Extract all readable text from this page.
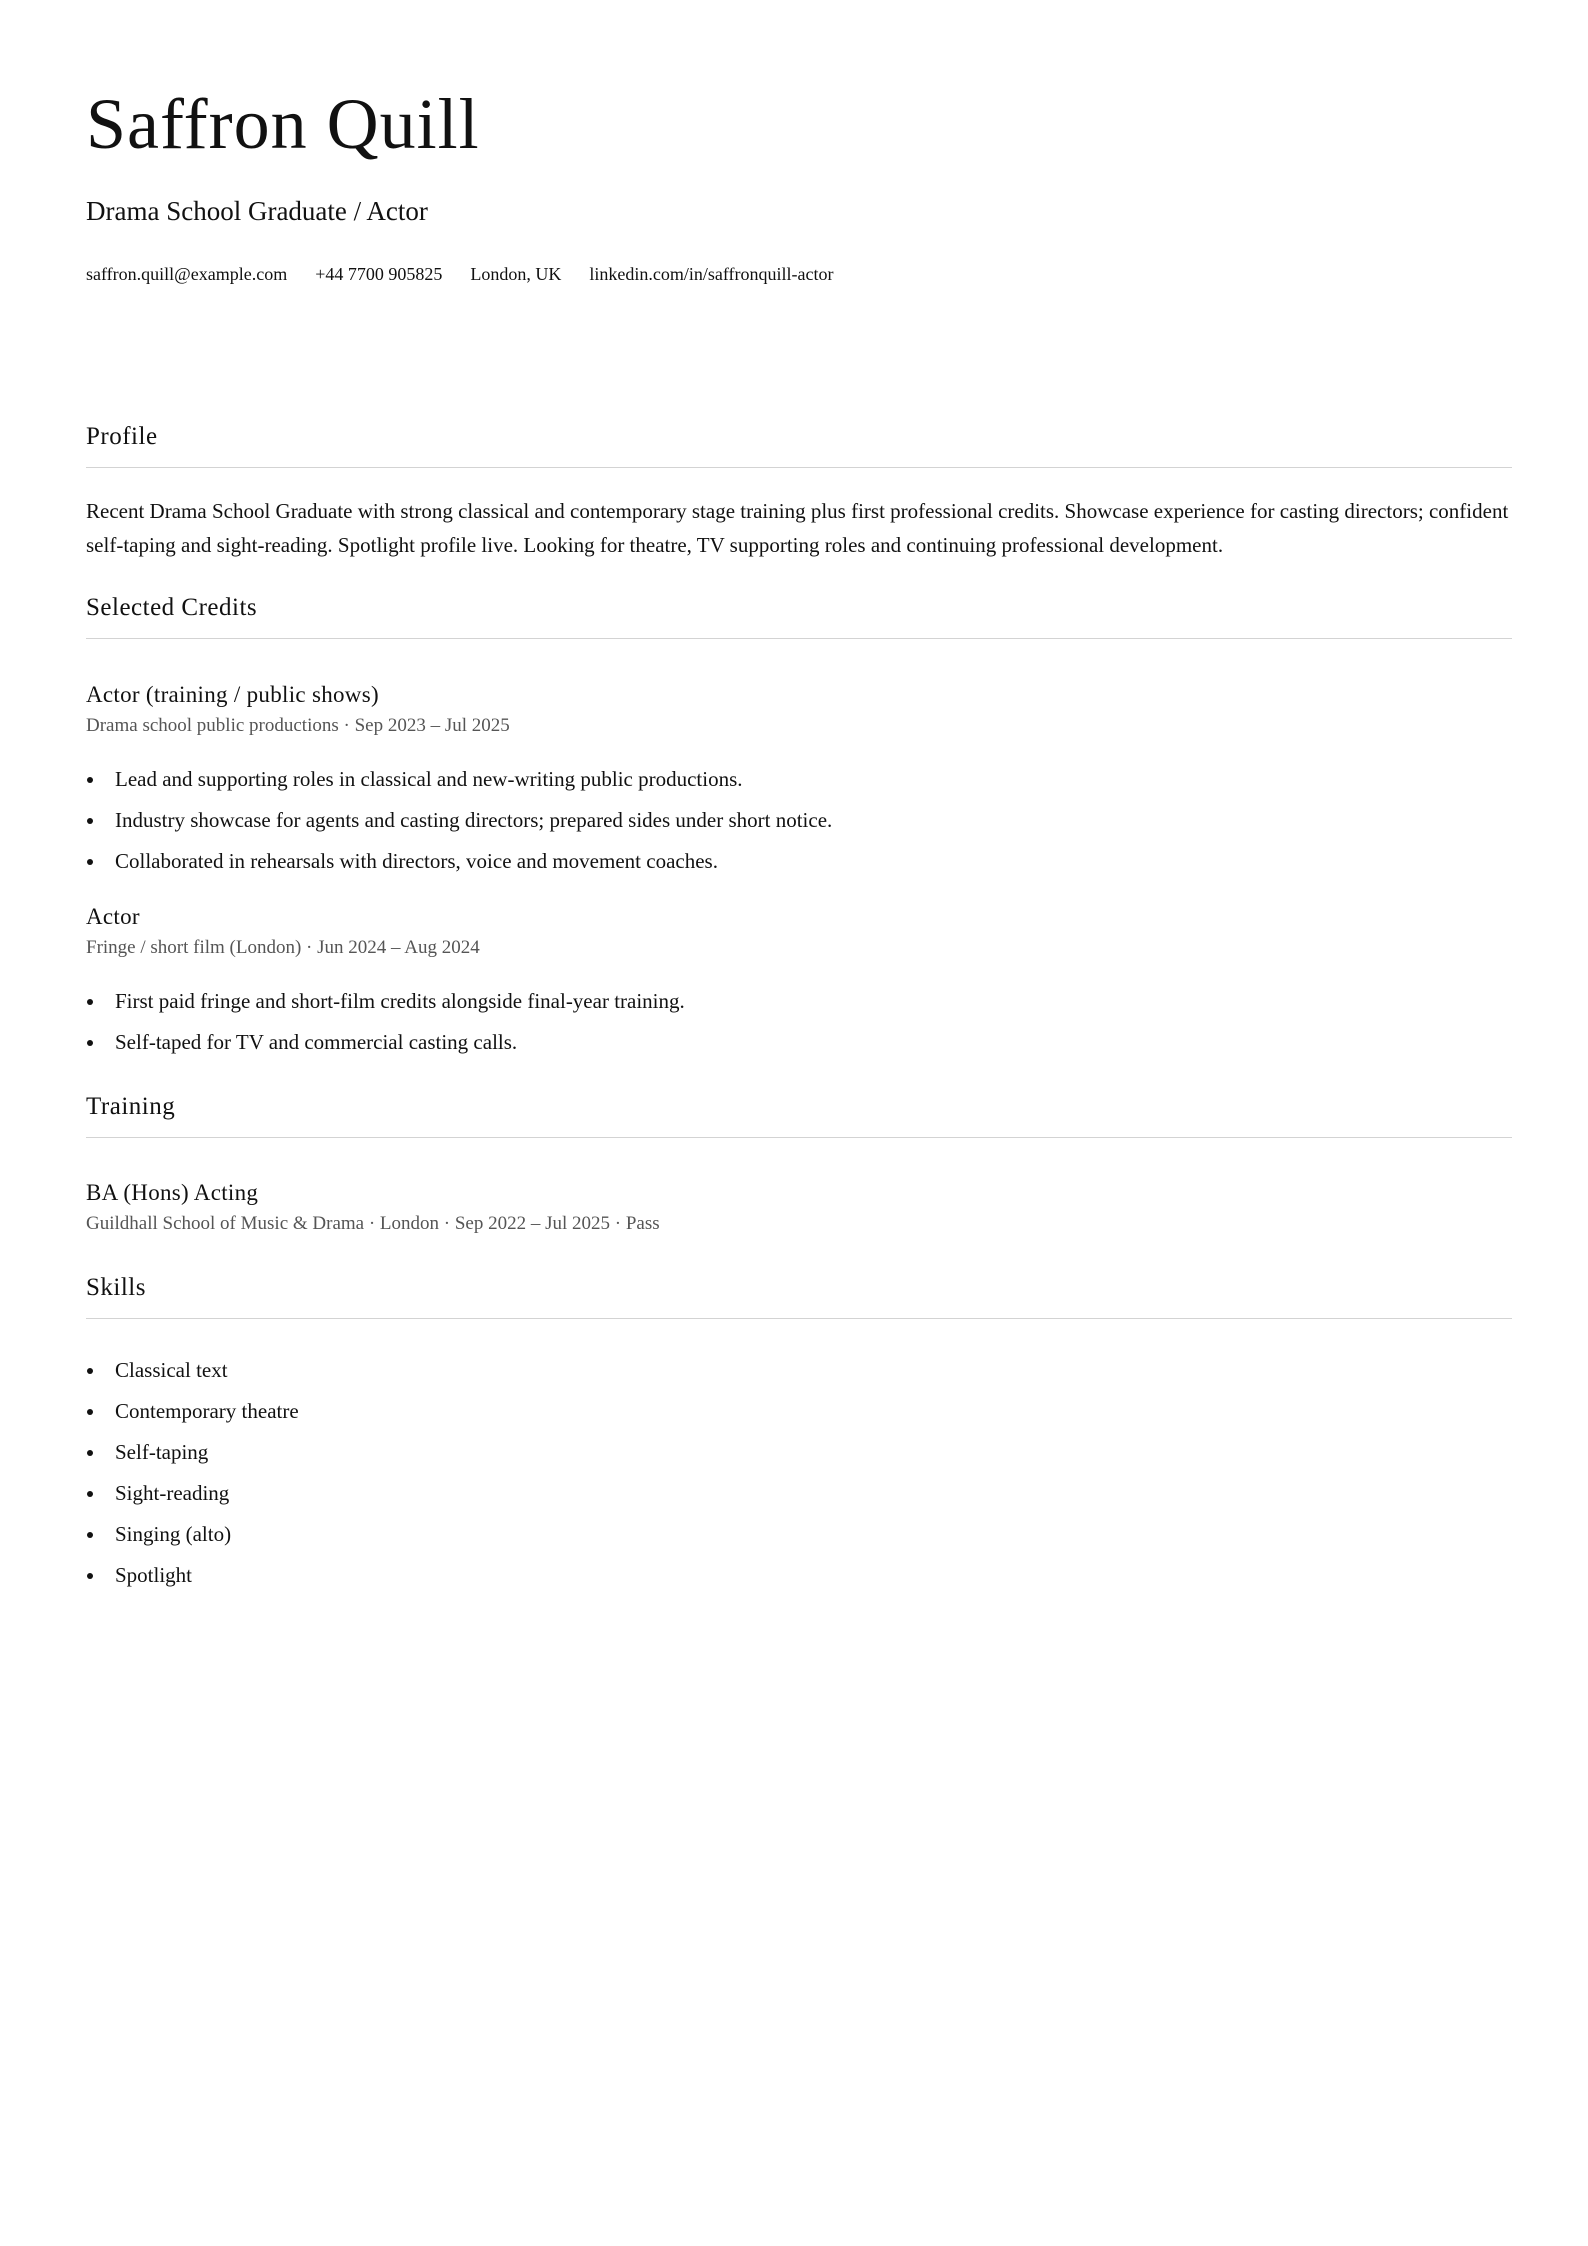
Saffron Quill
Drama School Graduate / Actor
saffron.quill@example.com +44 7700 905825 London, UK linkedin.com/in/saffronquill-actor
Profile

Recent Drama School Graduate with strong classical and contemporary stage training plus first professional credits. Showcase experience for casting directors; confident self-taping and sight-reading. Spotlight profile live. Looking for theatre, TV supporting roles and continuing professional development.

Selected Credits
Actor (training / public shows)
Drama school public productions · Sep 2023 – Jul 2025
Lead and supporting roles in classical and new-writing public productions.
Industry showcase for agents and casting directors; prepared sides under short notice.
Collaborated in rehearsals with directors, voice and movement coaches.
Actor
Fringe / short film (London) · Jun 2024 – Aug 2024
First paid fringe and short-film credits alongside final-year training.
Self-taped for TV and commercial casting calls.
Training
BA (Hons) Acting
Guildhall School of Music & Drama · London · Sep 2022 – Jul 2025 · Pass
Skills
Classical text
Contemporary theatre
Self-taping
Sight-reading
Singing (alto)
Spotlight
